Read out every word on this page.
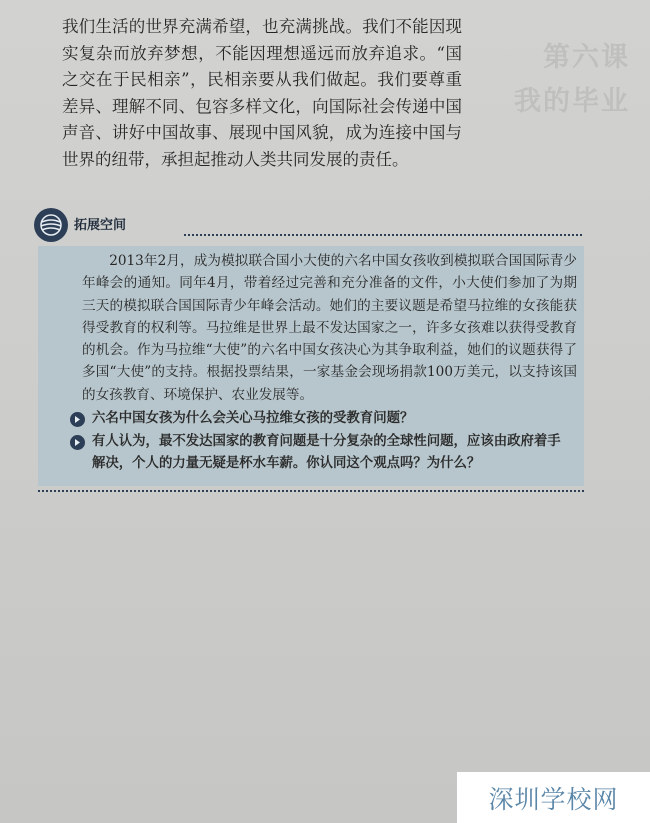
第六课
我的毕业
我们生活的世界充满希望，也充满挑战。我们不能因现实复杂而放弃梦想，不能因理想遥远而放弃追求。“国之交在于民相亲”，民相亲要从我们做起。我们要尊重差异、理解不同、包容多样文化，向国际社会传递中国声音、讲好中国故事、展现中国风貌，成为连接中国与世界的纽带，承担起推动人类共同发展的责任。
拓展空间
2013年2月，成为模拟联合国小大使的六名中国女孩收到模拟联合国国际青少年峰会的通知。同年4月，带着经过完善和充分准备的文件，小大使们参加了为期三天的模拟联合国国际青少年峰会活动。她们的主要议题是希望马拉维的女孩能获得受教育的权利等。马拉维是世界上最不发达国家之一，许多女孩难以获得受教育的机会。作为马拉维“大使”的六名中国女孩决心为其争取利益，她们的议题获得了多国“大使”的支持。根据投票结果，一家基金会现场捐款100万美元，以支持该国的女孩教育、环境保护、农业发展等。
六名中国女孩为什么会关心马拉维女孩的受教育问题？
有人认为，最不发达国家的教育问题是十分复杂的全球性问题，应该由政府着手解决，个人的力量无疑是杯水车薪。你认同这个观点吗？为什么？
深圳学校网
